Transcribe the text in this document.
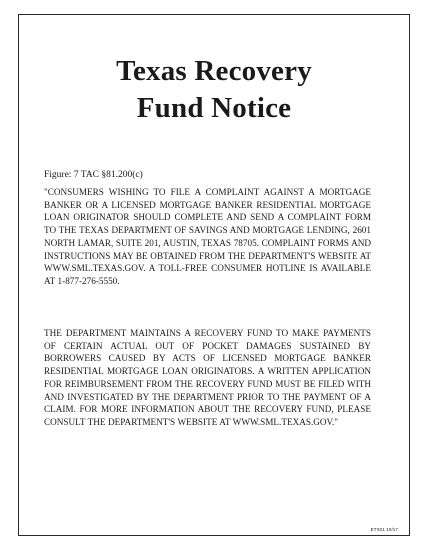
Texas Recovery
Fund Notice
Figure: 7 TAC §81.200(c)

"CONSUMERS WISHING TO FILE A COMPLAINT AGAINST A MORTGAGE BANKER OR A LICENSED MORTGAGE BANKER RESIDENTIAL MORTGAGE LOAN ORIGINATOR SHOULD COMPLETE AND SEND A COMPLAINT FORM TO THE TEXAS DEPARTMENT OF SAVINGS AND MORTGAGE LENDING, 2601 NORTH LAMAR, SUITE 201, AUSTIN, TEXAS 78705. COMPLAINT FORMS AND INSTRUCTIONS MAY BE OBTAINED FROM THE DEPARTMENT'S WEBSITE AT WWW.SML.TEXAS.GOV. A TOLL-FREE CONSUMER HOTLINE IS AVAILABLE AT 1-877-276-5550.

THE DEPARTMENT MAINTAINS A RECOVERY FUND TO MAKE PAYMENTS OF CERTAIN ACTUAL OUT OF POCKET DAMAGES SUSTAINED BY BORROWERS CAUSED BY ACTS OF LICENSED MORTGAGE BANKER RESIDENTIAL MORTGAGE LOAN ORIGINATORS. A WRITTEN APPLICATION FOR REIMBURSEMENT FROM THE RECOVERY FUND MUST BE FILED WITH AND INVESTIGATED BY THE DEPARTMENT PRIOR TO THE PAYMENT OF A CLAIM. FOR MORE INFORMATION ABOUT THE RECOVERY FUND, PLEASE CONSULT THE DEPARTMENT'S WEBSITE AT WWW.SML.TEXAS.GOV."

ETX01 10/17
